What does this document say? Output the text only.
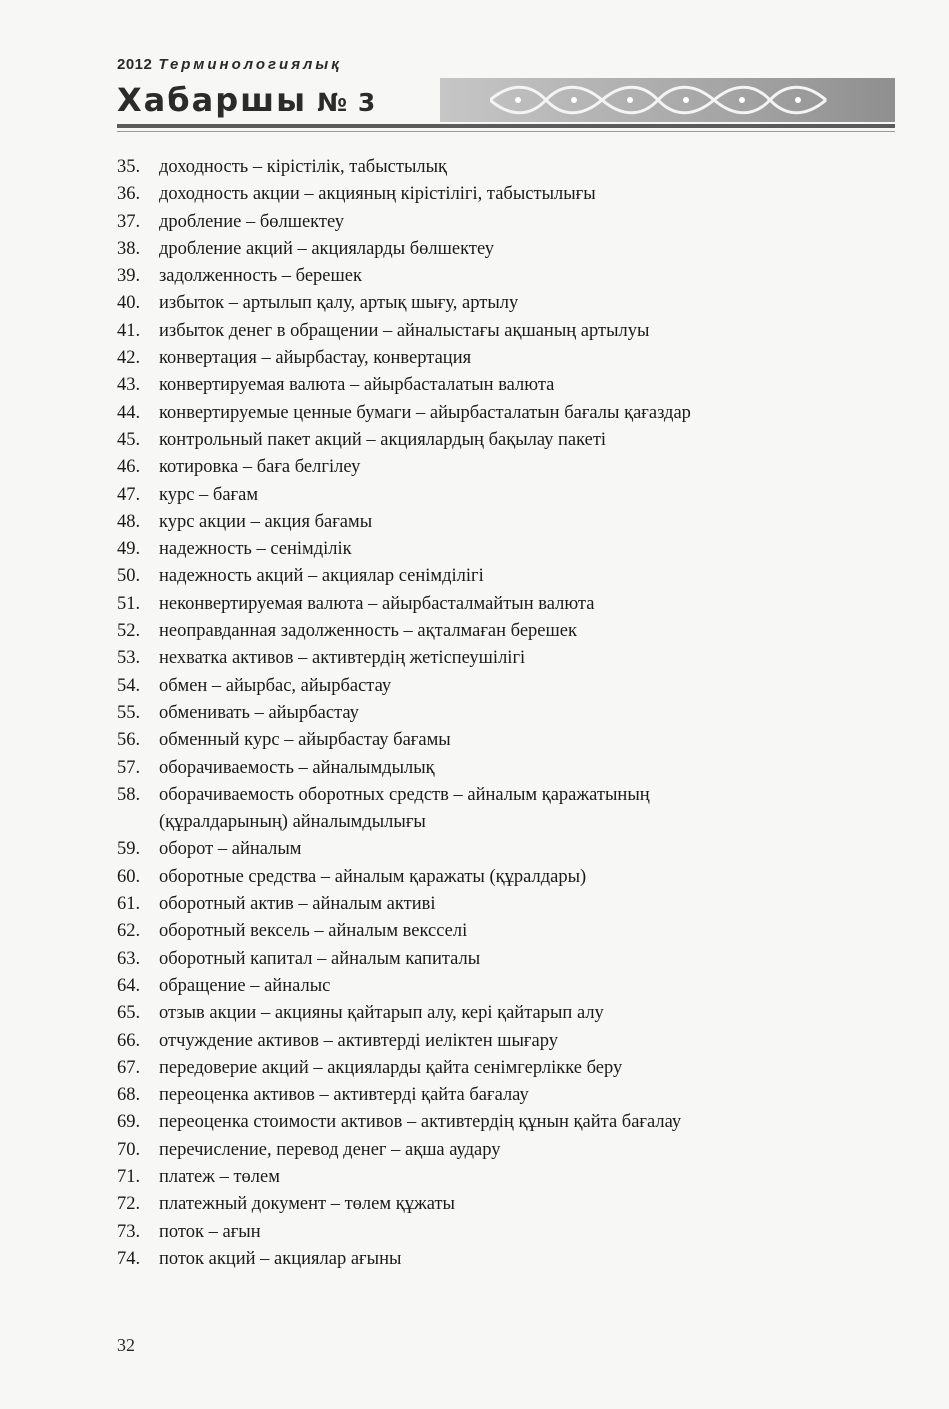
2012 Терминологиялық
Хабаршы № 3
35.	доходность – кірістілік, табыстылық
36.	доходность акции – акцияның кірістілігі, табыстылығы
37.	дробление – бөлшектеу
38.	дробление акций – акцияларды бөлшектеу
39.	задолженность – берешек
40.	избыток – артылып қалу, артық шығу, артылу
41.	избыток денег в обращении – айналыстағы ақшаның артылуы
42.	конвертация – айырбастау, конвертация
43.	конвертируемая валюта – айырбасталатын валюта
44.	конвертируемые ценные бумаги – айырбасталатын бағалы қағаздар
45.	контрольный пакет акций – акциялардың бақылау пакеті
46.	котировка – баға белгілеу
47.	курс – бағам
48.	курс акции – акция бағамы
49.	надежность – сенімділік
50.	надежность акций – акциялар сенімділігі
51.	неконвертируемая валюта – айырбасталмайтын валюта
52.	неоправданная задолженность – ақталмаған берешек
53.	нехватка активов – активтердің жетіспеушілігі
54.	обмен – айырбас, айырбастау
55.	обменивать – айырбастау
56.	обменный курс – айырбастау бағамы
57.	оборачиваемость – айналымдылық
58.	оборачиваемость оборотных средств – айналым қаражатының
(құралдарының) айналымдылығы
59.	оборот – айналым
60.	оборотные средства – айналым қаражаты (құралдары)
61.	оборотный актив – айналым активі
62.	оборотный вексель – айналым вексселі
63.	оборотный капитал – айналым капиталы
64.	обращение – айналыс
65.	отзыв акции – акцияны қайтарып алу, кері қайтарып алу
66.	отчуждение активов – активтерді иеліктен шығару
67.	передоверие акций – акцияларды қайта сенімгерлікке беру
68.	переоценка активов – активтерді қайта бағалау
69.	переоценка стоимости активов – активтердің құнын қайта бағалау
70.	перечисление, перевод денег – ақша аудару
71.	платеж – төлем
72.	платежный документ – төлем құжаты
73.	поток – ағын
74.	поток акций – акциялар ағыны
32
